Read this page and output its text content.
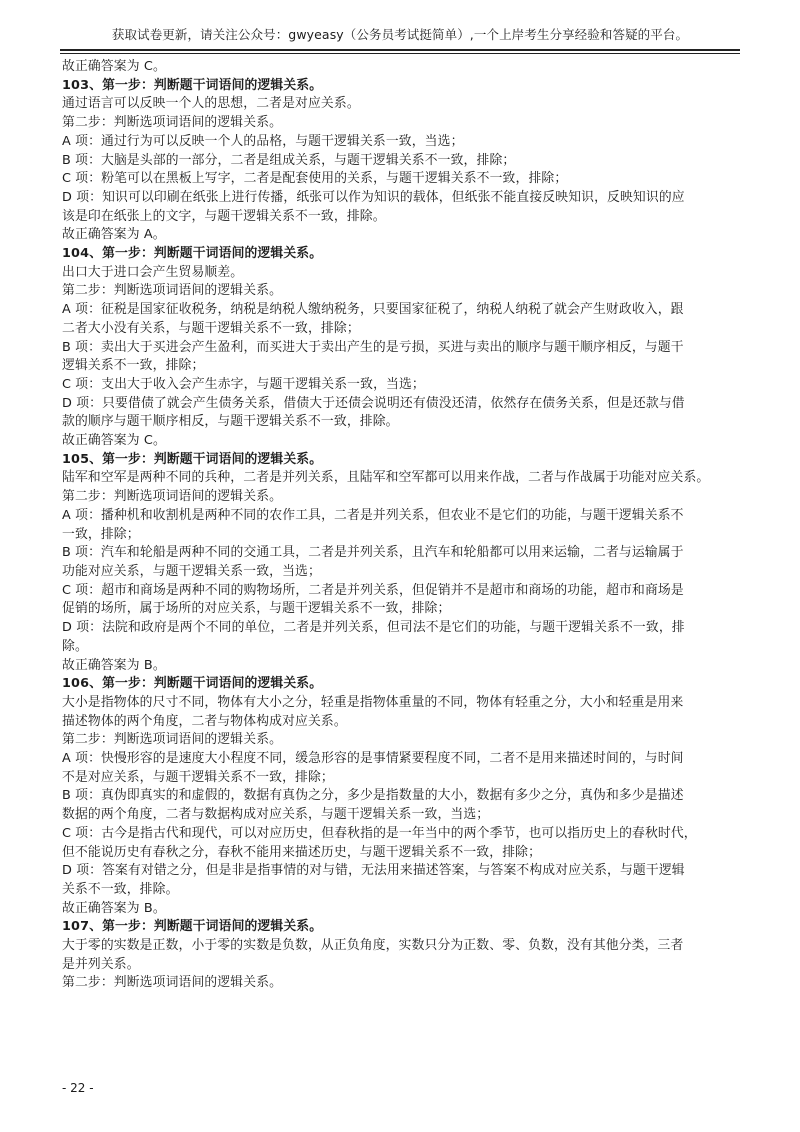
获取试卷更新，请关注公众号：gwyeasy（公务员考试挺简单）,一个上岸考生分享经验和答疑的平台。
故正确答案为 C。
103、第一步：判断题干词语间的逻辑关系。
通过语言可以反映一个人的思想，二者是对应关系。
第二步：判断选项词语间的逻辑关系。
A 项：通过行为可以反映一个人的品格，与题干逻辑关系一致，当选；
B 项：大脑是头部的一部分，二者是组成关系，与题干逻辑关系不一致，排除；
C 项：粉笔可以在黑板上写字，二者是配套使用的关系，与题干逻辑关系不一致，排除；
D 项：知识可以印刷在纸张上进行传播，纸张可以作为知识的载体，但纸张不能直接反映知识，反映知识的应
该是印在纸张上的文字，与题干逻辑关系不一致，排除。
故正确答案为 A。
104、第一步：判断题干词语间的逻辑关系。
出口大于进口会产生贸易顺差。
第二步：判断选项词语间的逻辑关系。
A 项：征税是国家征收税务，纳税是纳税人缴纳税务，只要国家征税了，纳税人纳税了就会产生财政收入，跟
二者大小没有关系，与题干逻辑关系不一致，排除；
B 项：卖出大于买进会产生盈利，而买进大于卖出产生的是亏损，买进与卖出的顺序与题干顺序相反，与题干
逻辑关系不一致，排除；
C 项：支出大于收入会产生赤字，与题干逻辑关系一致，当选；
D 项：只要借债了就会产生债务关系，借债大于还债会说明还有债没还清，依然存在债务关系，但是还款与借
款的顺序与题干顺序相反，与题干逻辑关系不一致，排除。
故正确答案为 C。
105、第一步：判断题干词语间的逻辑关系。
陆军和空军是两种不同的兵种，二者是并列关系，且陆军和空军都可以用来作战，二者与作战属于功能对应关系。
第二步：判断选项词语间的逻辑关系。
A 项：播种机和收割机是两种不同的农作工具，二者是并列关系，但农业不是它们的功能，与题干逻辑关系不
一致，排除；
B 项：汽车和轮船是两种不同的交通工具，二者是并列关系，且汽车和轮船都可以用来运输，二者与运输属于
功能对应关系，与题干逻辑关系一致，当选；
C 项：超市和商场是两种不同的购物场所，二者是并列关系，但促销并不是超市和商场的功能，超市和商场是
促销的场所，属于场所的对应关系，与题干逻辑关系不一致，排除；
D 项：法院和政府是两个不同的单位，二者是并列关系，但司法不是它们的功能，与题干逻辑关系不一致，排
除。
故正确答案为 B。
106、第一步：判断题干词语间的逻辑关系。
大小是指物体的尺寸不同，物体有大小之分，轻重是指物体重量的不同，物体有轻重之分，大小和轻重是用来
描述物体的两个角度，二者与物体构成对应关系。
第二步：判断选项词语间的逻辑关系。
A 项：快慢形容的是速度大小程度不同，缓急形容的是事情紧要程度不同，二者不是用来描述时间的，与时间
不是对应关系，与题干逻辑关系不一致，排除；
B 项：真伪即真实的和虚假的，数据有真伪之分，多少是指数量的大小，数据有多少之分，真伪和多少是描述
数据的两个角度，二者与数据构成对应关系，与题干逻辑关系一致，当选；
C 项：古今是指古代和现代，可以对应历史，但春秋指的是一年当中的两个季节，也可以指历史上的春秋时代，
但不能说历史有春秋之分，春秋不能用来描述历史，与题干逻辑关系不一致，排除；
D 项：答案有对错之分，但是非是指事情的对与错，无法用来描述答案，与答案不构成对应关系，与题干逻辑
关系不一致，排除。
故正确答案为 B。
107、第一步：判断题干词语间的逻辑关系。
大于零的实数是正数，小于零的实数是负数，从正负角度，实数只分为正数、零、负数，没有其他分类，三者
是并列关系。
第二步：判断选项词语间的逻辑关系。
- 22 -
